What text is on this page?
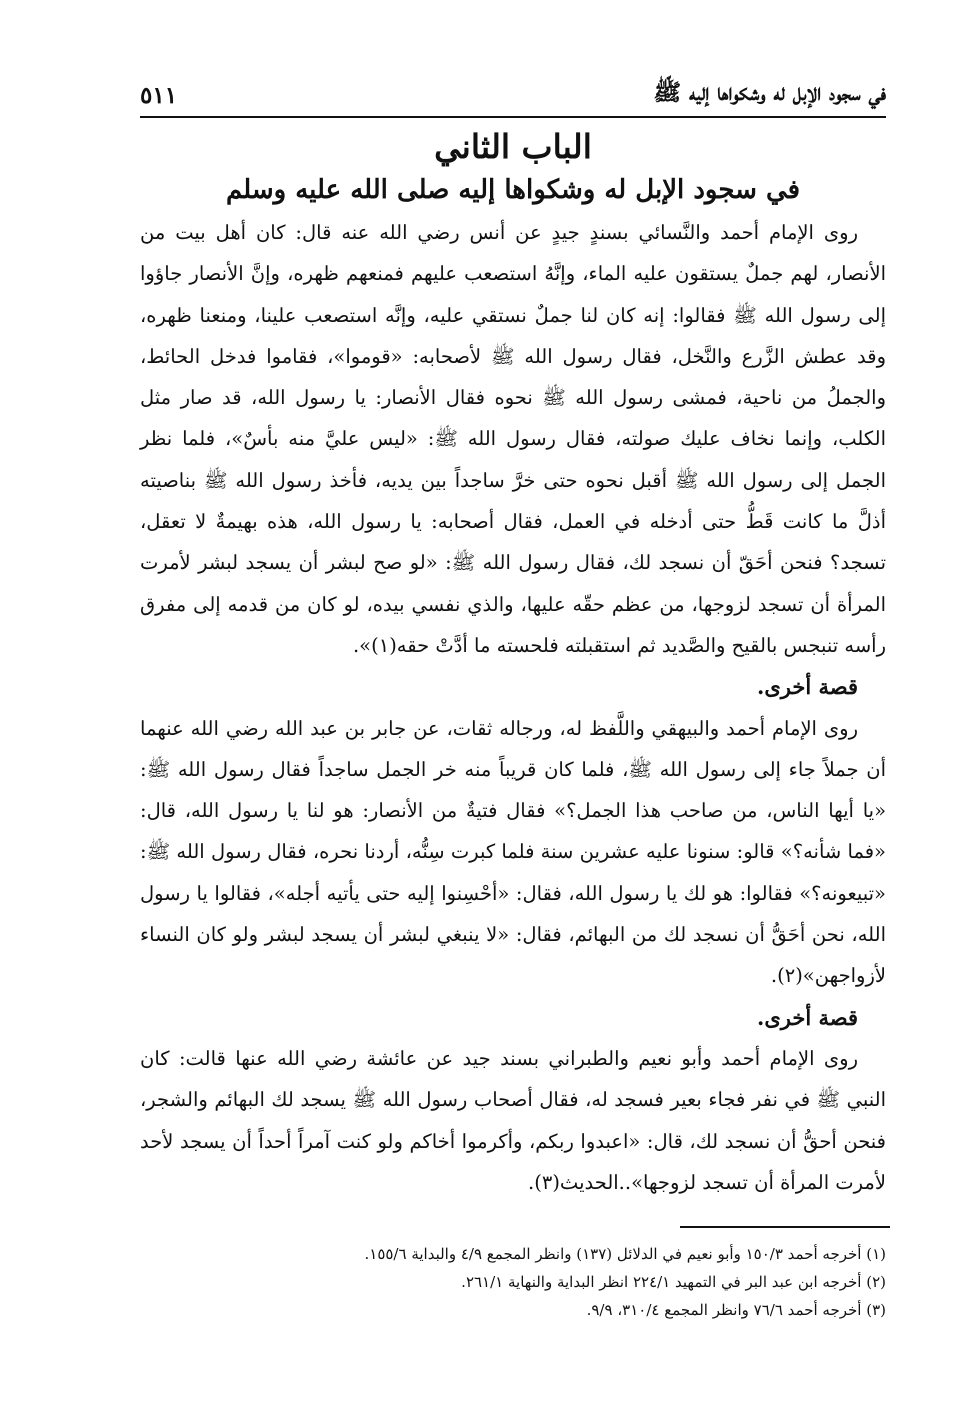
في سجود الإبل له وشكواها إليه ﷺ
٥١١
الباب الثاني
في سجود الإبل له وشكواها إليه صلى الله عليه وسلم

روى الإمام أحمد والنَّسائي بسندٍ جيدٍ عن أنس رضي الله عنه قال: كان أهل بيت من الأنصار، لهم جملٌ يستقون عليه الماء، وإنَّهُ استصعب عليهم فمنعهم ظهره، وإنَّ الأنصار جاؤوا إلى رسول الله ﷺ فقالوا: إنه كان لنا جملٌ نستقي عليه، وإنَّه استصعب علينا، ومنعنا ظهره، وقد عطش الزَّرع والنَّخل، فقال رسول الله ﷺ لأصحابه: «قوموا»، فقاموا فدخل الحائط، والجملُ من ناحية، فمشى رسول الله ﷺ نحوه فقال الأنصار: يا رسول الله، قد صار مثل الكلب، وإنما نخاف عليك صولته، فقال رسول الله ﷺ: «ليس عليَّ منه بأسٌ»، فلما نظر الجمل إلى رسول الله ﷺ أقبل نحوه حتى خرَّ ساجداً بين يديه، فأخذ رسول الله ﷺ بناصيته أذلَّ ما كانت قَطُّ حتى أدخله في العمل، فقال أصحابه: يا رسول الله، هذه بهيمةٌ لا تعقل، تسجد؟ فنحن أحَقّ أن نسجد لك، فقال رسول الله ﷺ: «لو صح لبشر أن يسجد لبشر لأمرت المرأة أن تسجد لزوجها، من عظم حقّه عليها، والذي نفسي بيده، لو كان من قدمه إلى مفرق رأسه تنبجس بالقيح والصَّديد ثم استقبلته فلحسته ما أدَّتْ حقه(١)».

قصة أخرى.

روى الإمام أحمد والبيهقي واللَّفظ له، ورجاله ثقات، عن جابر بن عبد الله رضي الله عنهما أن جملاً جاء إلى رسول الله ﷺ، فلما كان قريباً منه خر الجمل ساجداً فقال رسول الله ﷺ: «يا أيها الناس، من صاحب هذا الجمل؟» فقال فتيةٌ من الأنصار: هو لنا يا رسول الله، قال: «فما شأنه؟» قالو: سنونا عليه عشرين سنة فلما كبرت سِنُّه، أردنا نحره، فقال رسول الله ﷺ: «تبيعونه؟» فقالوا: هو لك يا رسول الله، فقال: «أحْسِنوا إليه حتى يأتيه أجله»، فقالوا يا رسول الله، نحن أحَقُّ أن نسجد لك من البهائم، فقال: «لا ينبغي لبشر أن يسجد لبشر ولو كان النساء لأزواجهن»(٢).

قصة أخرى.

روى الإمام أحمد وأبو نعيم والطبراني بسند جيد عن عائشة رضي الله عنها قالت: كان النبي ﷺ في نفر فجاء بعير فسجد له، فقال أصحاب رسول الله ﷺ يسجد لك البهائم والشجر، فنحن أحقُّ أن نسجد لك، قال: «اعبدوا ربكم، وأكرموا أخاكم ولو كنت آمراً أحداً أن يسجد لأحد لأمرت المرأة أن تسجد لزوجها»..الحديث(٣).

(١) أخرجه أحمد ١٥٠/٣ وأبو نعيم في الدلائل (١٣٧) وانظر المجمع ٤/٩ والبداية ١٥٥/٦.
(٢) أخرجه ابن عبد البر في التمهيد ٢٢٤/١ انظر البداية والنهاية ٢٦١/١.
(٣) أخرجه أحمد ٧٦/٦ وانظر المجمع ٣١٠/٤، ٩/٩.
